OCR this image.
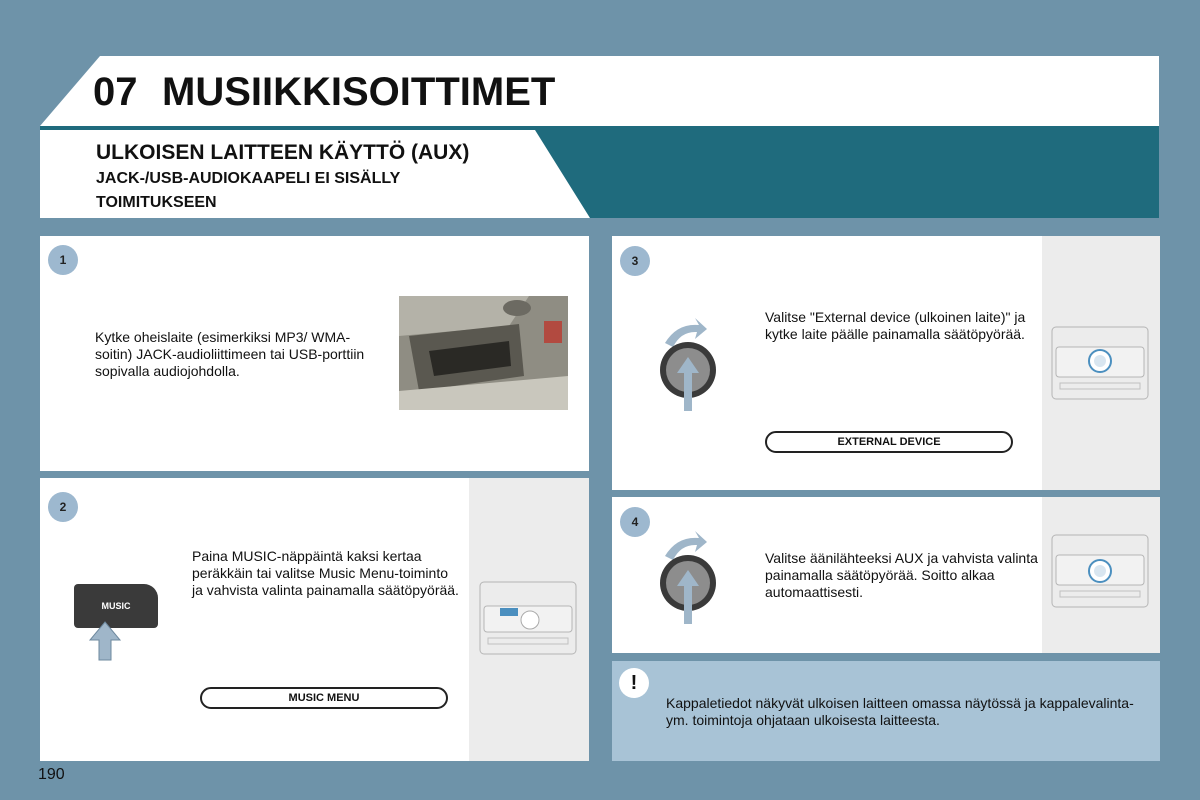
07 MUSIIKKISOITTIMET
ULKOISEN LAITTEEN KÄYTTÖ (AUX)
JACK-/USB-AUDIOKAAPELI EI SISÄLLY TOIMITUKSEEN
1
Kytke oheislaite (esimerkiksi MP3/ WMA-soitin) JACK-audioliittimeen tai USB-porttiin sopivalla audiojohdolla.
2
MUSIC
Paina MUSIC-näppäintä kaksi kertaa peräkkäin tai valitse Music Menu-toiminto ja vahvista valinta painamalla säätöpyörää.
MUSIC MENU
3
Valitse "External device (ulkoinen laite)" ja kytke laite päälle painamalla säätöpyörää.
EXTERNAL DEVICE
4
Valitse äänilähteeksi AUX ja vahvista valinta painamalla säätöpyörää. Soitto alkaa automaattisesti.
!
Kappaletiedot näkyvät ulkoisen laitteen omassa näytössä ja kappalevalinta- ym. toimintoja ohjataan ulkoisesta laitteesta.
190
